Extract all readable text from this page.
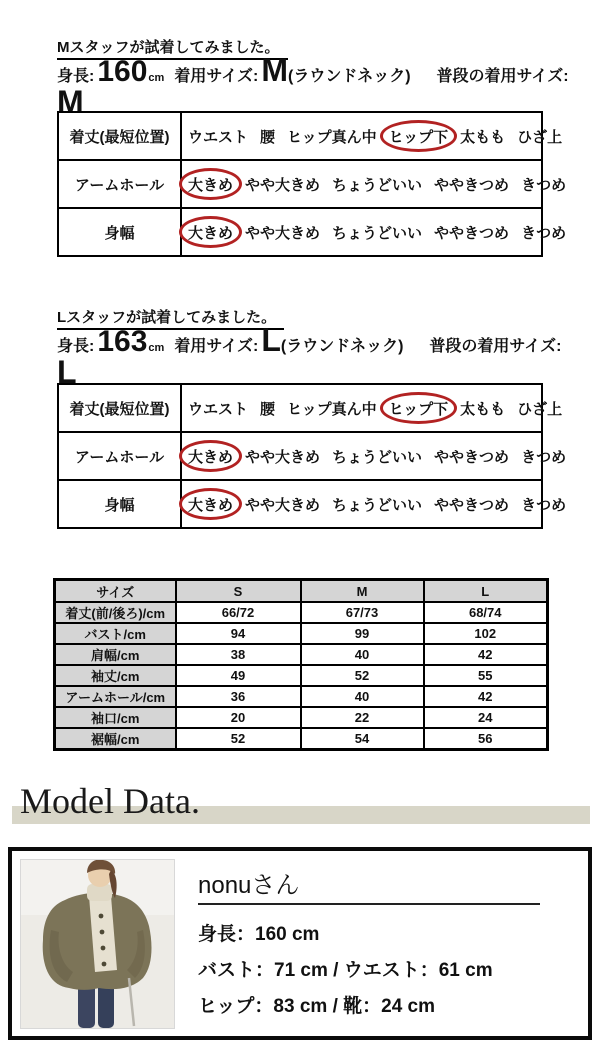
Mスタッフが試着してみました。
身長: 160 cm 着用サイズ: M (ラウンドネック) 普段の着用サイズ:
M
着丈(最短位置)	ウエスト 腰 ヒップ真ん中 ヒップ下 太もも ひざ上
アームホール	大きめ やや大きめ ちょうどいい ややきつめ きつめ
身幅	大きめ やや大きめ ちょうどいい ややきつめ きつめ
Lスタッフが試着してみました。
身長: 163 cm 着用サイズ: L (ラウンドネック) 普段の着用サイズ:
L
着丈(最短位置)	ウエスト 腰 ヒップ真ん中 ヒップ下 太もも ひざ上
アームホール	大きめ やや大きめ ちょうどいい ややきつめ きつめ
身幅	大きめ やや大きめ ちょうどいい ややきつめ きつめ
サイズ	S	M	L
着丈(前/後ろ)/cm	66/72	67/73	68/74
バスト/cm	94	99	102
肩幅/cm	38	40	42
袖丈/cm	49	52	55
アームホール/cm	36	40	42
袖口/cm	20	22	24
裾幅/cm	52	54	56
Model Data.
nonuさん
身長：160 cm
バスト：71 cm / ウエスト：61 cm
ヒップ：83 cm / 靴：24 cm
